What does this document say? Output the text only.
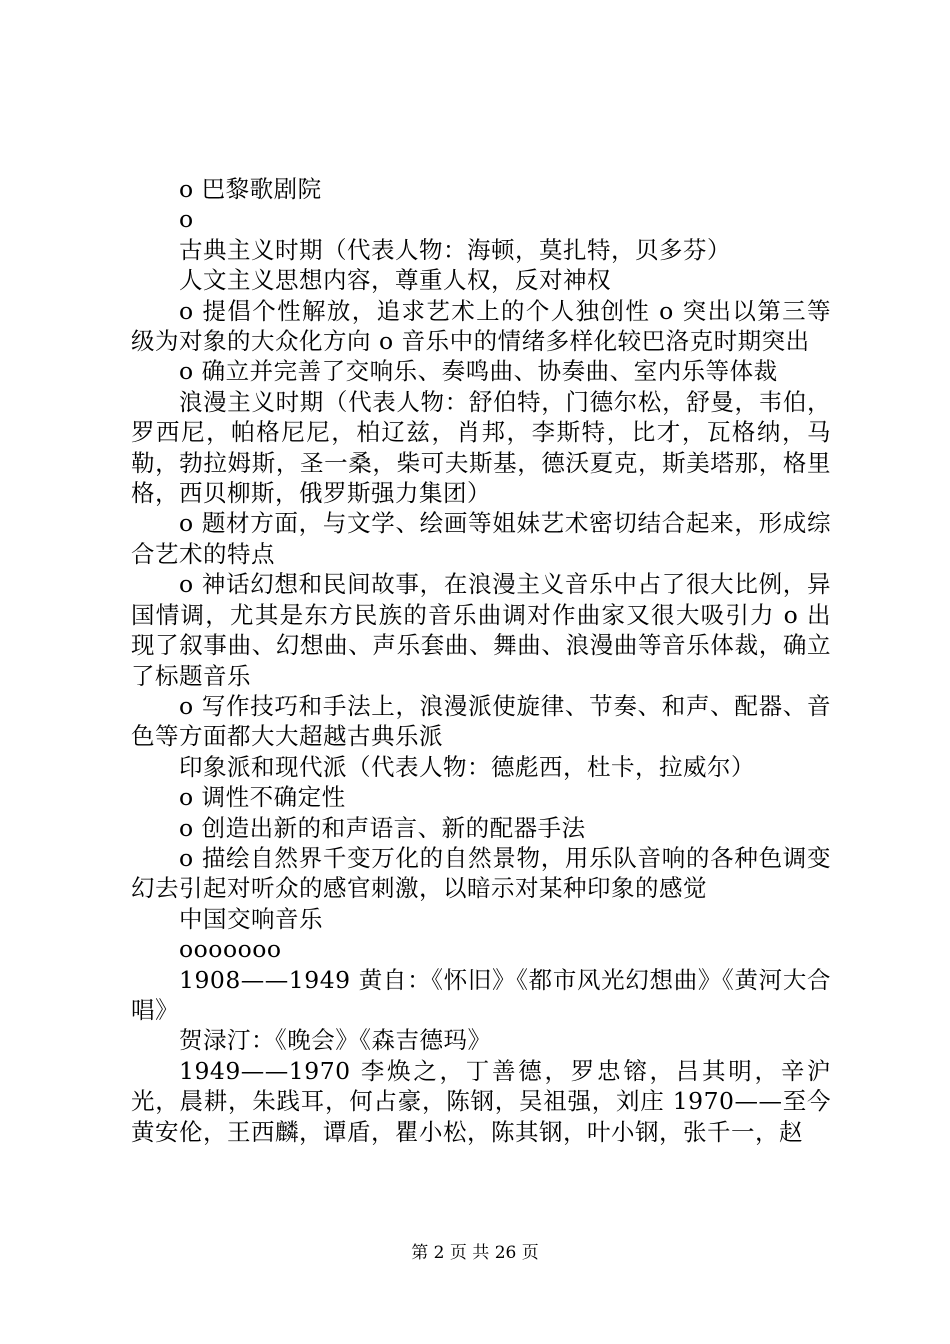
o 巴黎歌剧院

o

古典主义时期（代表人物：海顿，莫扎特，贝多芬）

人文主义思想内容，尊重人权，反对神权

o 提倡个性解放，追求艺术上的个人独创性 o 突出以第三等级为对象的大众化方向 o 音乐中的情绪多样化较巴洛克时期突出

o 确立并完善了交响乐、奏鸣曲、协奏曲、室内乐等体裁

浪漫主义时期（代表人物：舒伯特，门德尔松，舒曼，韦伯，罗西尼，帕格尼尼，柏辽兹，肖邦，李斯特，比才，瓦格纳，马勒，勃拉姆斯，圣一桑，柴可夫斯基，德沃夏克，斯美塔那，格里格，西贝柳斯，俄罗斯强力集团）

o 题材方面，与文学、绘画等姐妹艺术密切结合起来，形成综合艺术的特点

o 神话幻想和民间故事，在浪漫主义音乐中占了很大比例，异国情调，尤其是东方民族的音乐曲调对作曲家又很大吸引力 o 出现了叙事曲、幻想曲、声乐套曲、舞曲、浪漫曲等音乐体裁，确立了标题音乐

o 写作技巧和手法上，浪漫派使旋律、节奏、和声、配器、音色等方面都大大超越古典乐派

印象派和现代派（代表人物：德彪西，杜卡，拉威尔）

o 调性不确定性

o 创造出新的和声语言、新的配器手法

o 描绘自然界千变万化的自然景物，用乐队音响的各种色调变幻去引起对听众的感官刺激，以暗示对某种印象的感觉

中国交响音乐

ooooooo

1908——1949 黄自：《怀旧》《都市风光幻想曲》《黄河大合唱》

贺渌汀：《晚会》《森吉德玛》

1949——1970 李焕之，丁善德，罗忠镕，吕其明，辛沪光，晨耕，朱践耳，何占豪，陈钢，吴祖强，刘庄 1970——至今黄安伦，王西麟，谭盾，瞿小松，陈其钢，叶小钢，张千一，赵

第 2 页 共 26 页
